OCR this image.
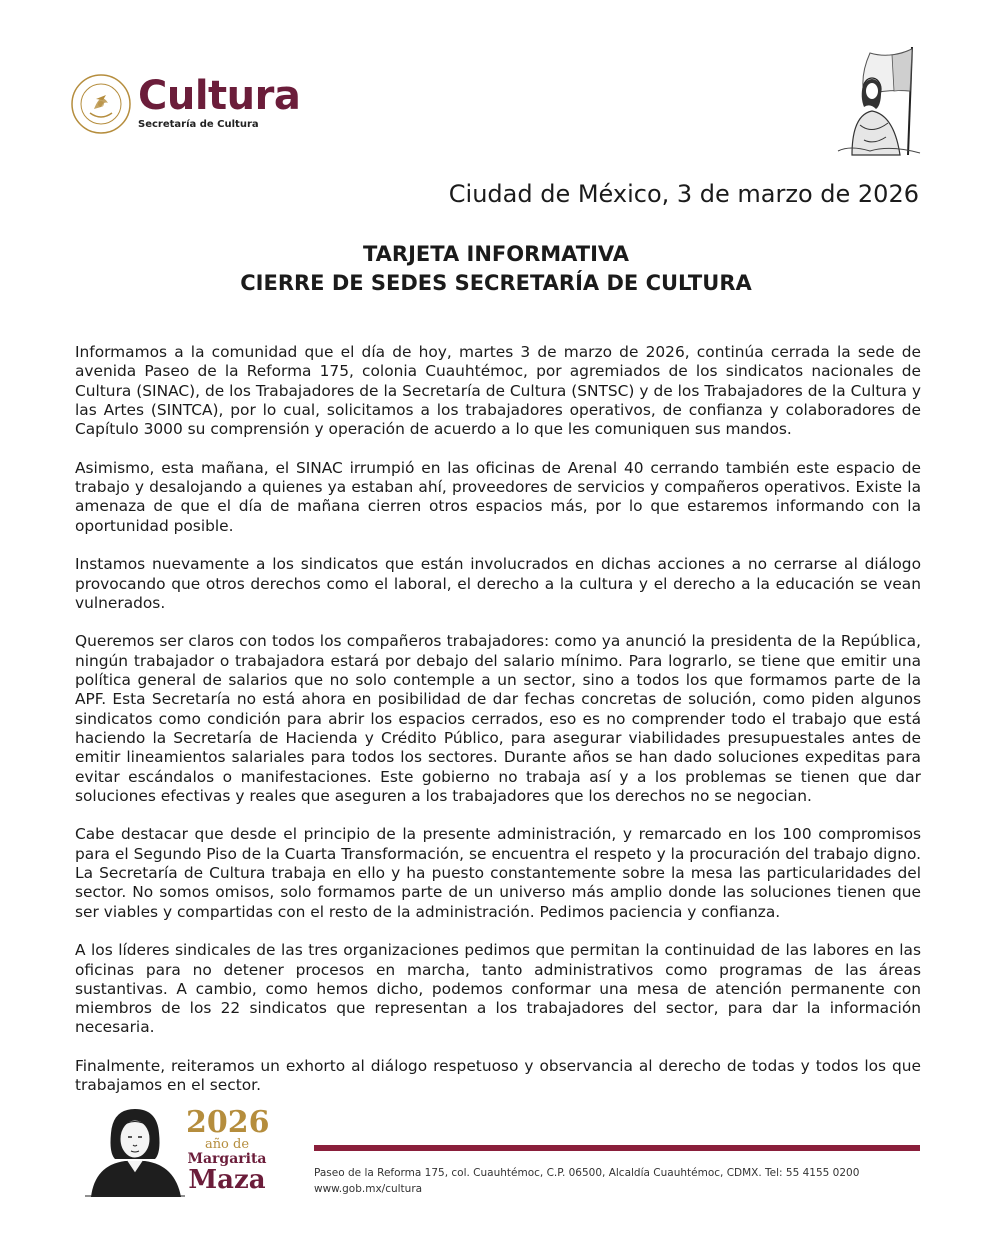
Cultura
Secretaría de Cultura
Ciudad de México, 3 de marzo de 2026
TARJETA INFORMATIVA
CIERRE DE SEDES SECRETARÍA DE CULTURA

Informamos a la comunidad que el día de hoy, martes 3 de marzo de 2026, continúa cerrada la sede de avenida Paseo de la Reforma 175, colonia Cuauhtémoc, por agremiados de los sindicatos nacionales de Cultura (SINAC), de los Trabajadores de la Secretaría de Cultura (SNTSC) y de los Trabajadores de la Cultura y las Artes (SINTCA), por lo cual, solicitamos a los trabajadores operativos, de confianza y colaboradores de Capítulo 3000 su comprensión y operación de acuerdo a lo que les comuniquen sus mandos.

Asimismo, esta mañana, el SINAC irrumpió en las oficinas de Arenal 40 cerrando también este espacio de trabajo y desalojando a quienes ya estaban ahí, proveedores de servicios y compañeros operativos. Existe la amenaza de que el día de mañana cierren otros espacios más, por lo que estaremos informando con la oportunidad posible.

Instamos nuevamente a los sindicatos que están involucrados en dichas acciones a no cerrarse al diálogo provocando que otros derechos como el laboral, el derecho a la cultura y el derecho a la educación se vean vulnerados.

Queremos ser claros con todos los compañeros trabajadores: como ya anunció la presidenta de la República, ningún trabajador o trabajadora estará por debajo del salario mínimo. Para lograrlo, se tiene que emitir una política general de salarios que no solo contemple a un sector, sino a todos los que formamos parte de la APF. Esta Secretaría no está ahora en posibilidad de dar fechas concretas de solución, como piden algunos sindicatos como condición para abrir los espacios cerrados, eso es no comprender todo el trabajo que está haciendo la Secretaría de Hacienda y Crédito Público, para asegurar viabilidades presupuestales antes de emitir lineamientos salariales para todos los sectores. Durante años se han dado soluciones expeditas para evitar escándalos o manifestaciones. Este gobierno no trabaja así y a los problemas se tienen que dar soluciones efectivas y reales que aseguren a los trabajadores que los derechos no se negocian.

Cabe destacar que desde el principio de la presente administración, y remarcado en los 100 compromisos para el Segundo Piso de la Cuarta Transformación, se encuentra el respeto y la procuración del trabajo digno. La Secretaría de Cultura trabaja en ello y ha puesto constantemente sobre la mesa las particularidades del sector. No somos omisos, solo formamos parte de un universo más amplio donde las soluciones tienen que ser viables y compartidas con el resto de la administración. Pedimos paciencia y confianza.

A los líderes sindicales de las tres organizaciones pedimos que permitan la continuidad de las labores en las oficinas para no detener procesos en marcha, tanto administrativos como programas de las áreas sustantivas. A cambio, como hemos dicho, podemos conformar una mesa de atención permanente con miembros de los 22 sindicatos que representan a los trabajadores del sector, para dar la información necesaria.

Finalmente, reiteramos un exhorto al diálogo respetuoso y observancia al derecho de todas y todos los que trabajamos en el sector.

2026
año de
Margarita
Maza	Paseo de la Reforma 175, col. Cuauhtémoc, C.P. 06500, Alcaldía Cuauhtémoc, CDMX. Tel: 55 4155 0200
www.gob.mx/cultura
